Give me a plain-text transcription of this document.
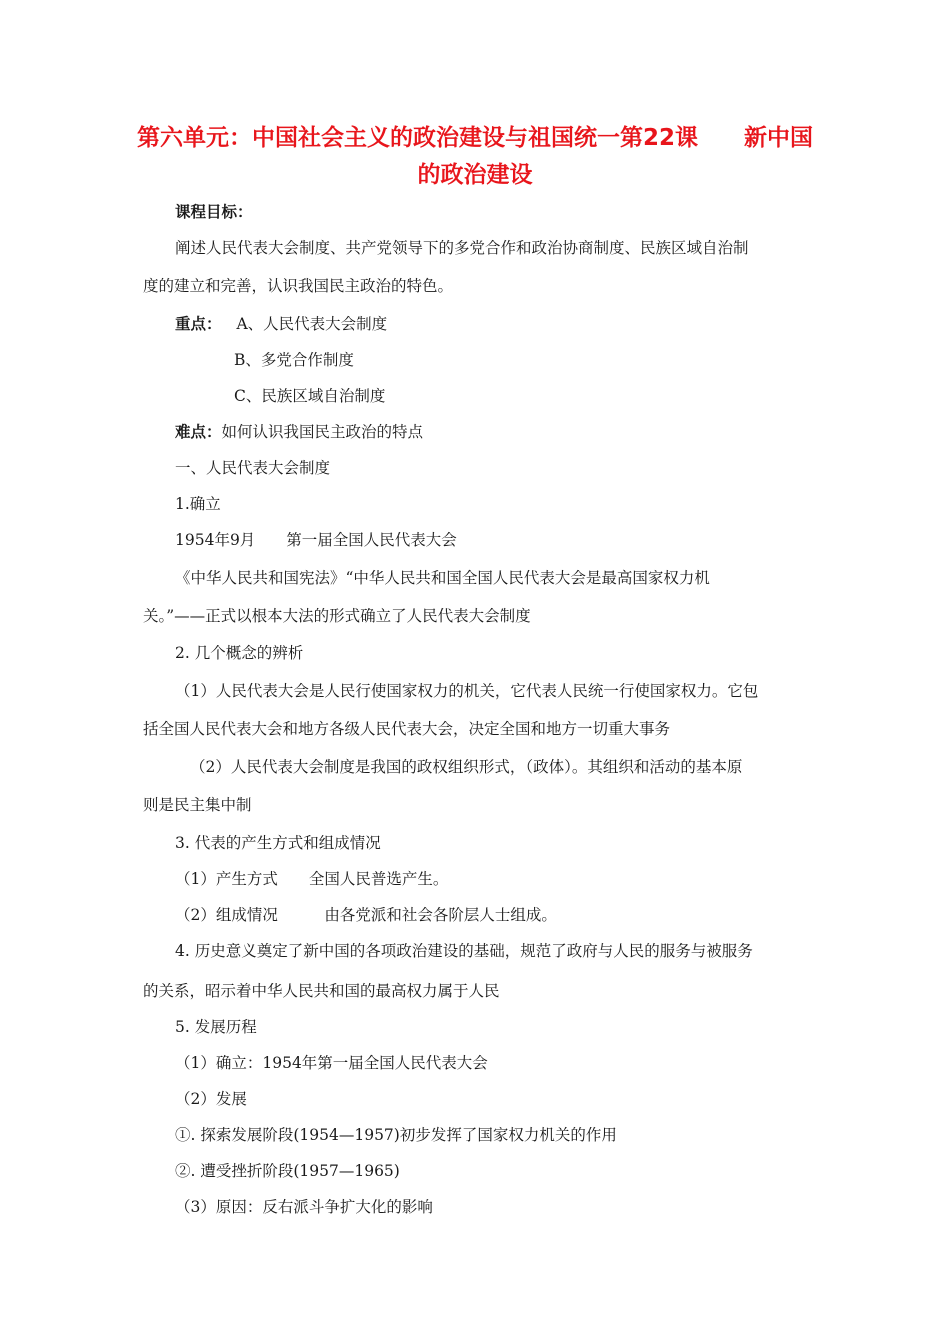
第六单元：中国社会主义的政治建设与祖国统一第22课　　新中国
的政治建设
课程目标：
阐述人民代表大会制度、共产党领导下的多党合作和政治协商制度、民族区域自治制
度的建立和完善，认识我国民主政治的特色。
重点： A、人民代表大会制度
B、多党合作制度
C、民族区域自治制度
难点：如何认识我国民主政治的特点
一、人民代表大会制度
1.确立
1954年9月　　第一届全国人民代表大会
《中华人民共和国宪法》“中华人民共和国全国人民代表大会是最高国家权力机
关。”——正式以根本大法的形式确立了人民代表大会制度
2. 几个概念的辨析
（1）人民代表大会是人民行使国家权力的机关，它代表人民统一行使国家权力。它包
括全国人民代表大会和地方各级人民代表大会，决定全国和地方一切重大事务
（2）人民代表大会制度是我国的政权组织形式，（政体）。其组织和活动的基本原
则是民主集中制
3. 代表的产生方式和组成情况
（1）产生方式　　全国人民普选产生。
（2）组成情况　　　由各党派和社会各阶层人士组成。
4. 历史意义奠定了新中国的各项政治建设的基础，规范了政府与人民的服务与被服务
的关系，昭示着中华人民共和国的最高权力属于人民
5. 发展历程
（1）确立：1954年第一届全国人民代表大会
（2）发展
①. 探索发展阶段(1954—1957)初步发挥了国家权力机关的作用
②. 遭受挫折阶段(1957—1965)
（3）原因：反右派斗争扩大化的影响
